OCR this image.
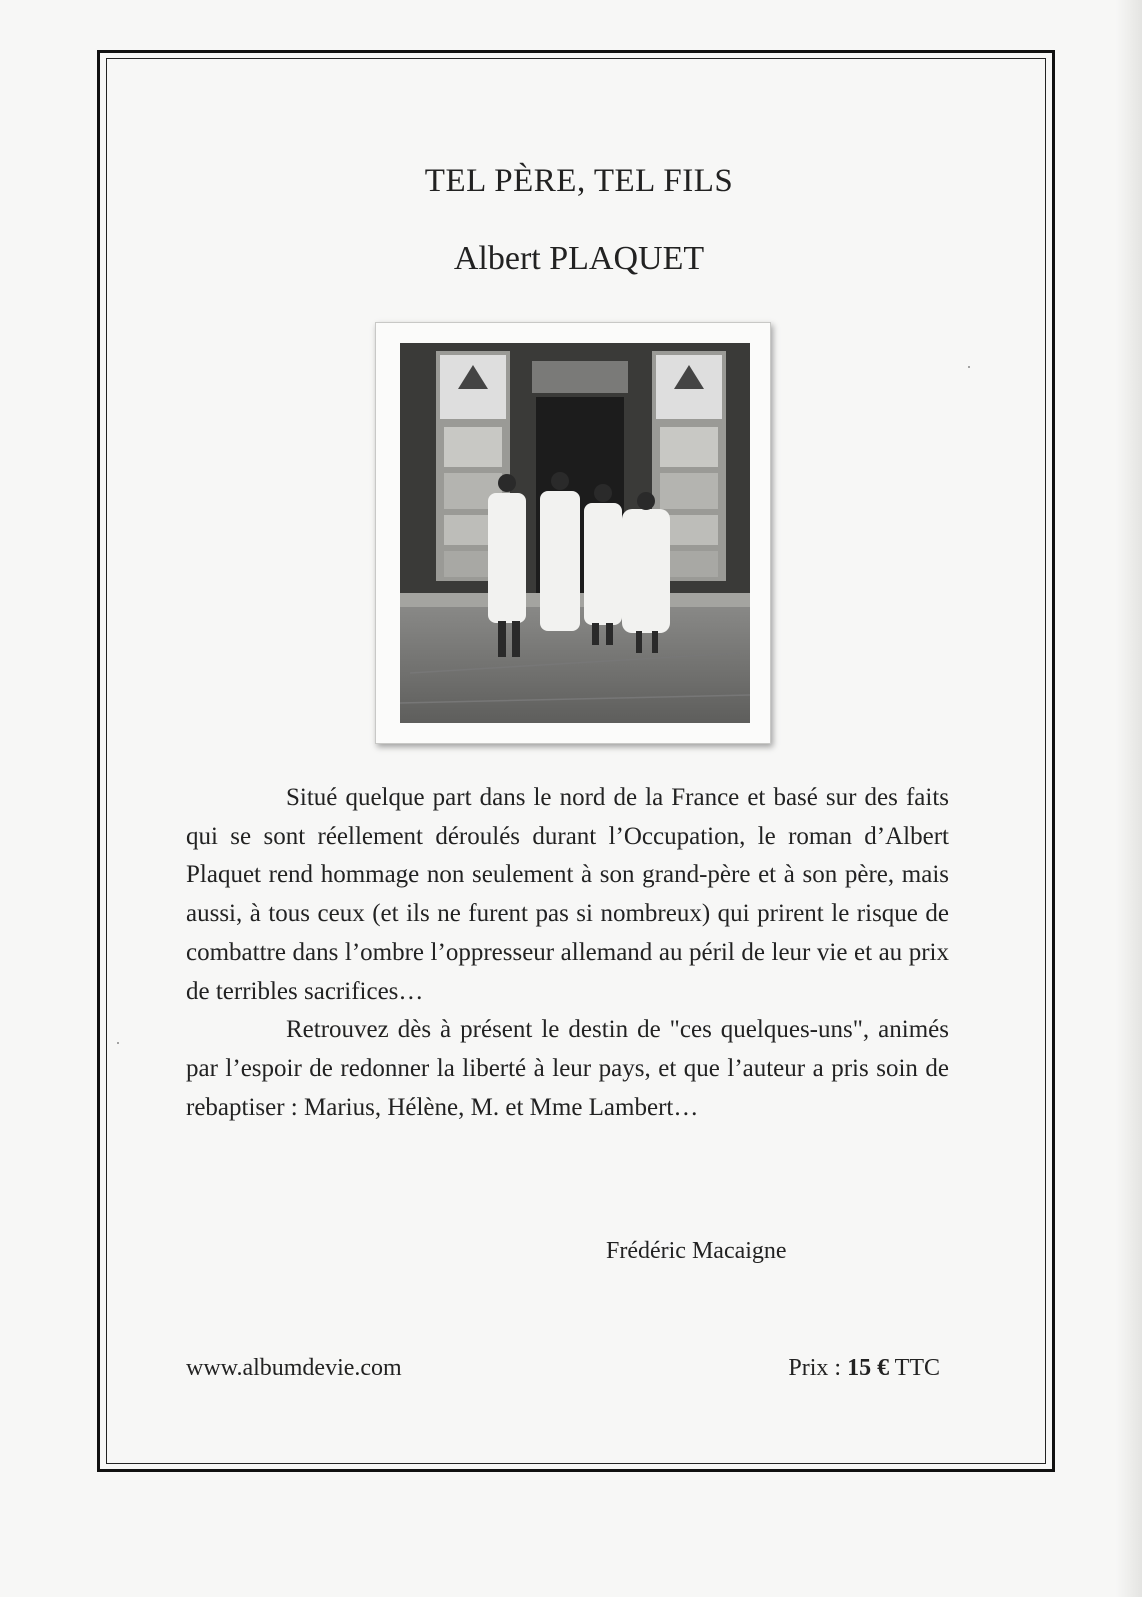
TEL PÈRE, TEL FILS
Albert PLAQUET

Situé quelque part dans le nord de la France et basé sur des faits qui se sont réellement déroulés durant l’Occupation, le roman d’Albert Plaquet rend hommage non seulement à son grand-père et à son père, mais aussi, à tous ceux (et ils ne furent pas si nombreux) qui prirent le risque de combattre dans l’ombre l’oppresseur allemand au péril de leur vie et au prix de terribles sacrifices…

Retrouvez dès à présent le destin de "ces quelques-uns", animés par l’espoir de redonner la liberté à leur pays, et que l’auteur a pris soin de rebaptiser : Marius, Hélène, M. et Mme Lambert…

Frédéric Macaigne

www.albumdevie.com	Prix : 15 € TTC
